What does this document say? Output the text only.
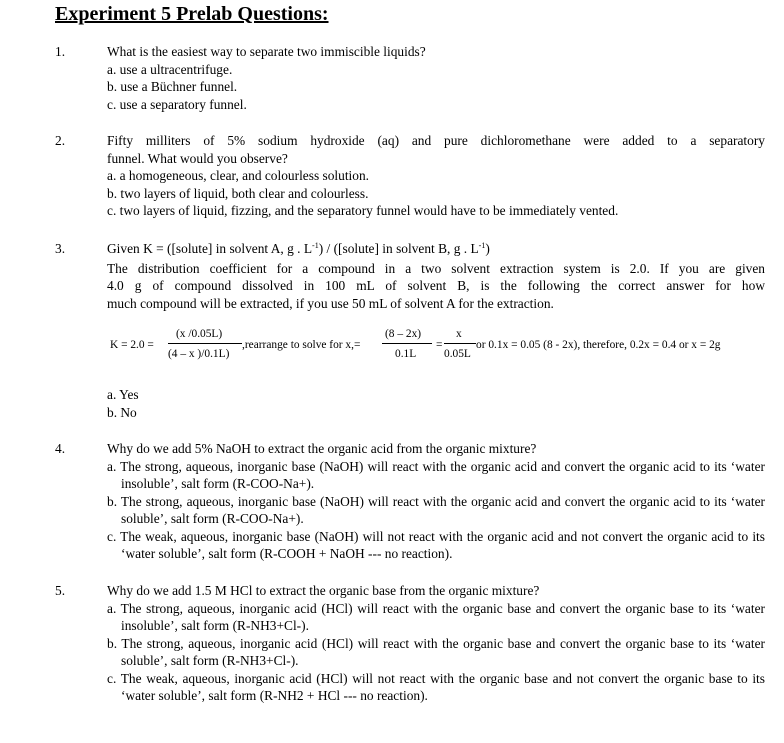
Experiment 5 Prelab Questions:
1.	What is the easiest way to separate two immiscible liquids?
a. use a ultracentrifuge.
b. use a Büchner funnel.
c. use a separatory funnel.
2.	Fifty milliters of 5% sodium hydroxide (aq) and pure dichloromethane were added to a separatory
funnel. What would you observe?
a. a homogeneous, clear, and colourless solution.
b. two layers of liquid, both clear and colourless.
c. two layers of liquid, fizzing, and the separatory funnel would have to be immediately vented.
3.	Given K = ([solute] in solvent A, g . $L^{-1}$) / ([solute] in solvent B, g . $L^{-1}$)
The distribution coefficient for a compound in a two solvent extraction system is 2.0. If you are given
4.0 g of compound dissolved in 100 mL of solvent B, is the following the correct answer for how
much compound will be extracted, if you use 50 mL of solvent A for the extraction.
K = 2.0 =
(x /0.05L)
(4 – x )/0.1L)
,rearrange to solve for x,=
(8 – 2x)
0.1L
=
x
0.05L
or 0.1x = 0.05 (8 - 2x), therefore, 0.2x = 0.4 or x = 2g
a. Yes
b. No
4.	Why do we add 5% NaOH to extract the organic acid from the organic mixture?
a. The strong, aqueous, inorganic base (NaOH) will react with the organic acid and convert the organic acid to its ‘water insoluble’, salt form (R-COO-Na+).
b. The strong, aqueous, inorganic base (NaOH) will react with the organic acid and convert the organic acid to its ‘water soluble’, salt form (R-COO-Na+).
c. The weak, aqueous, inorganic base (NaOH) will not react with the organic acid and not convert the organic acid to its ‘water soluble’, salt form (R-COOH + NaOH --- no reaction).
5.	Why do we add 1.5 M HCl to extract the organic base from the organic mixture?
a. The strong, aqueous, inorganic acid (HCl) will react with the organic base and convert the organic base to its ‘water insoluble’, salt form (R-NH3+Cl-).
b. The strong, aqueous, inorganic acid (HCl) will react with the organic base and convert the organic base to its ‘water soluble’, salt form (R-NH3+Cl-).
c. The weak, aqueous, inorganic acid (HCl) will not react with the organic base and not convert the organic base to its ‘water soluble’, salt form (R-NH2 + HCl --- no reaction).
